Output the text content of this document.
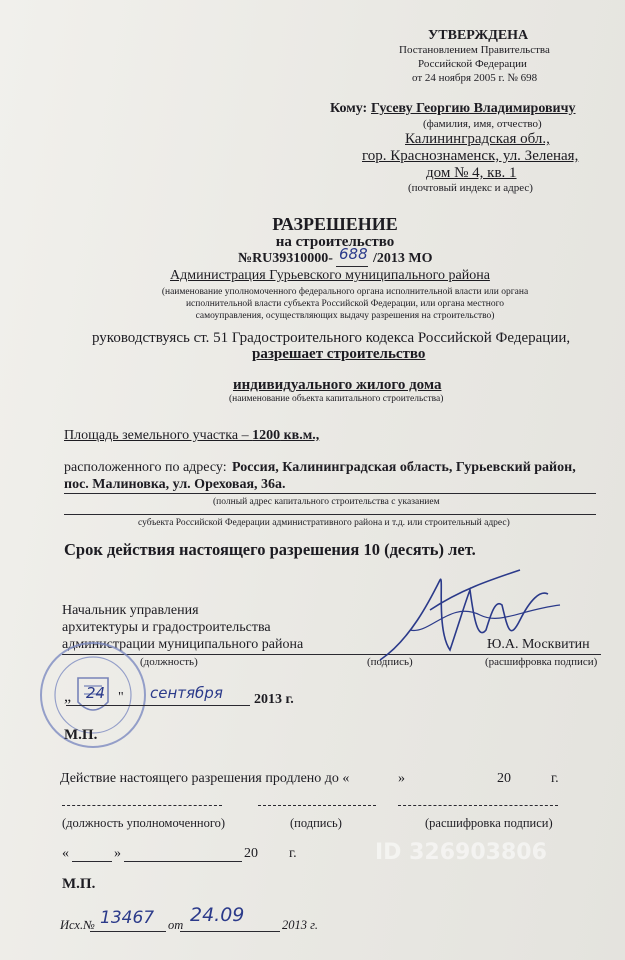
УТВЕРЖДЕНА
Постановлением Правительства
Российской Федерации
от 24 ноября 2005 г. № 698
Кому: Гусеву Георгию Владимировичу
(фамилия, имя, отчество)
Калининградская обл.,
гор. Краснознаменск, ул. Зеленая,
дом № 4, кв. 1
(почтовый индекс и адрес)
РАЗРЕШЕНИЕ
на строительство
№RU39310000- 688 /2013 МО
Администрация Гурьевского муниципального района
(наименование уполномоченного федерального органа исполнительной власти или органа
исполнительной власти субъекта Российской Федерации, или органа местного
самоуправления, осуществляющих выдачу разрешения на строительство)
руководствуясь ст. 51 Градостроительного кодекса Российской Федерации,
разрешает строительство
индивидуального жилого дома
(наименование объекта капитального строительства)
Площадь земельного участка – 1200 кв.м.,
расположенного по адресу: Россия, Калининградская область, Гурьевский район,
пос. Малиновка, ул. Ореховая, 36а.
(полный адрес капитального строительства с указанием
субъекта Российской Федерации административного района и т.д. или строительный адрес)
Срок действия настоящего разрешения 10 (десять) лет.
Начальник управления
архитектуры и градостроительства
администрации муниципального района	Ю.А. Москвитин
(должность)	(подпись)	(расшифровка подписи)
„ 24 " сентября 2013 г.
М.П.
Действие настоящего разрешения продлено до «	»	20	г.
(должность уполномоченного)	(подпись)	(расшифровка подписи)
«	»	20 г.
М.П.
Исх.№ 13467 от 24.09	2013 г.
ID 326903806
